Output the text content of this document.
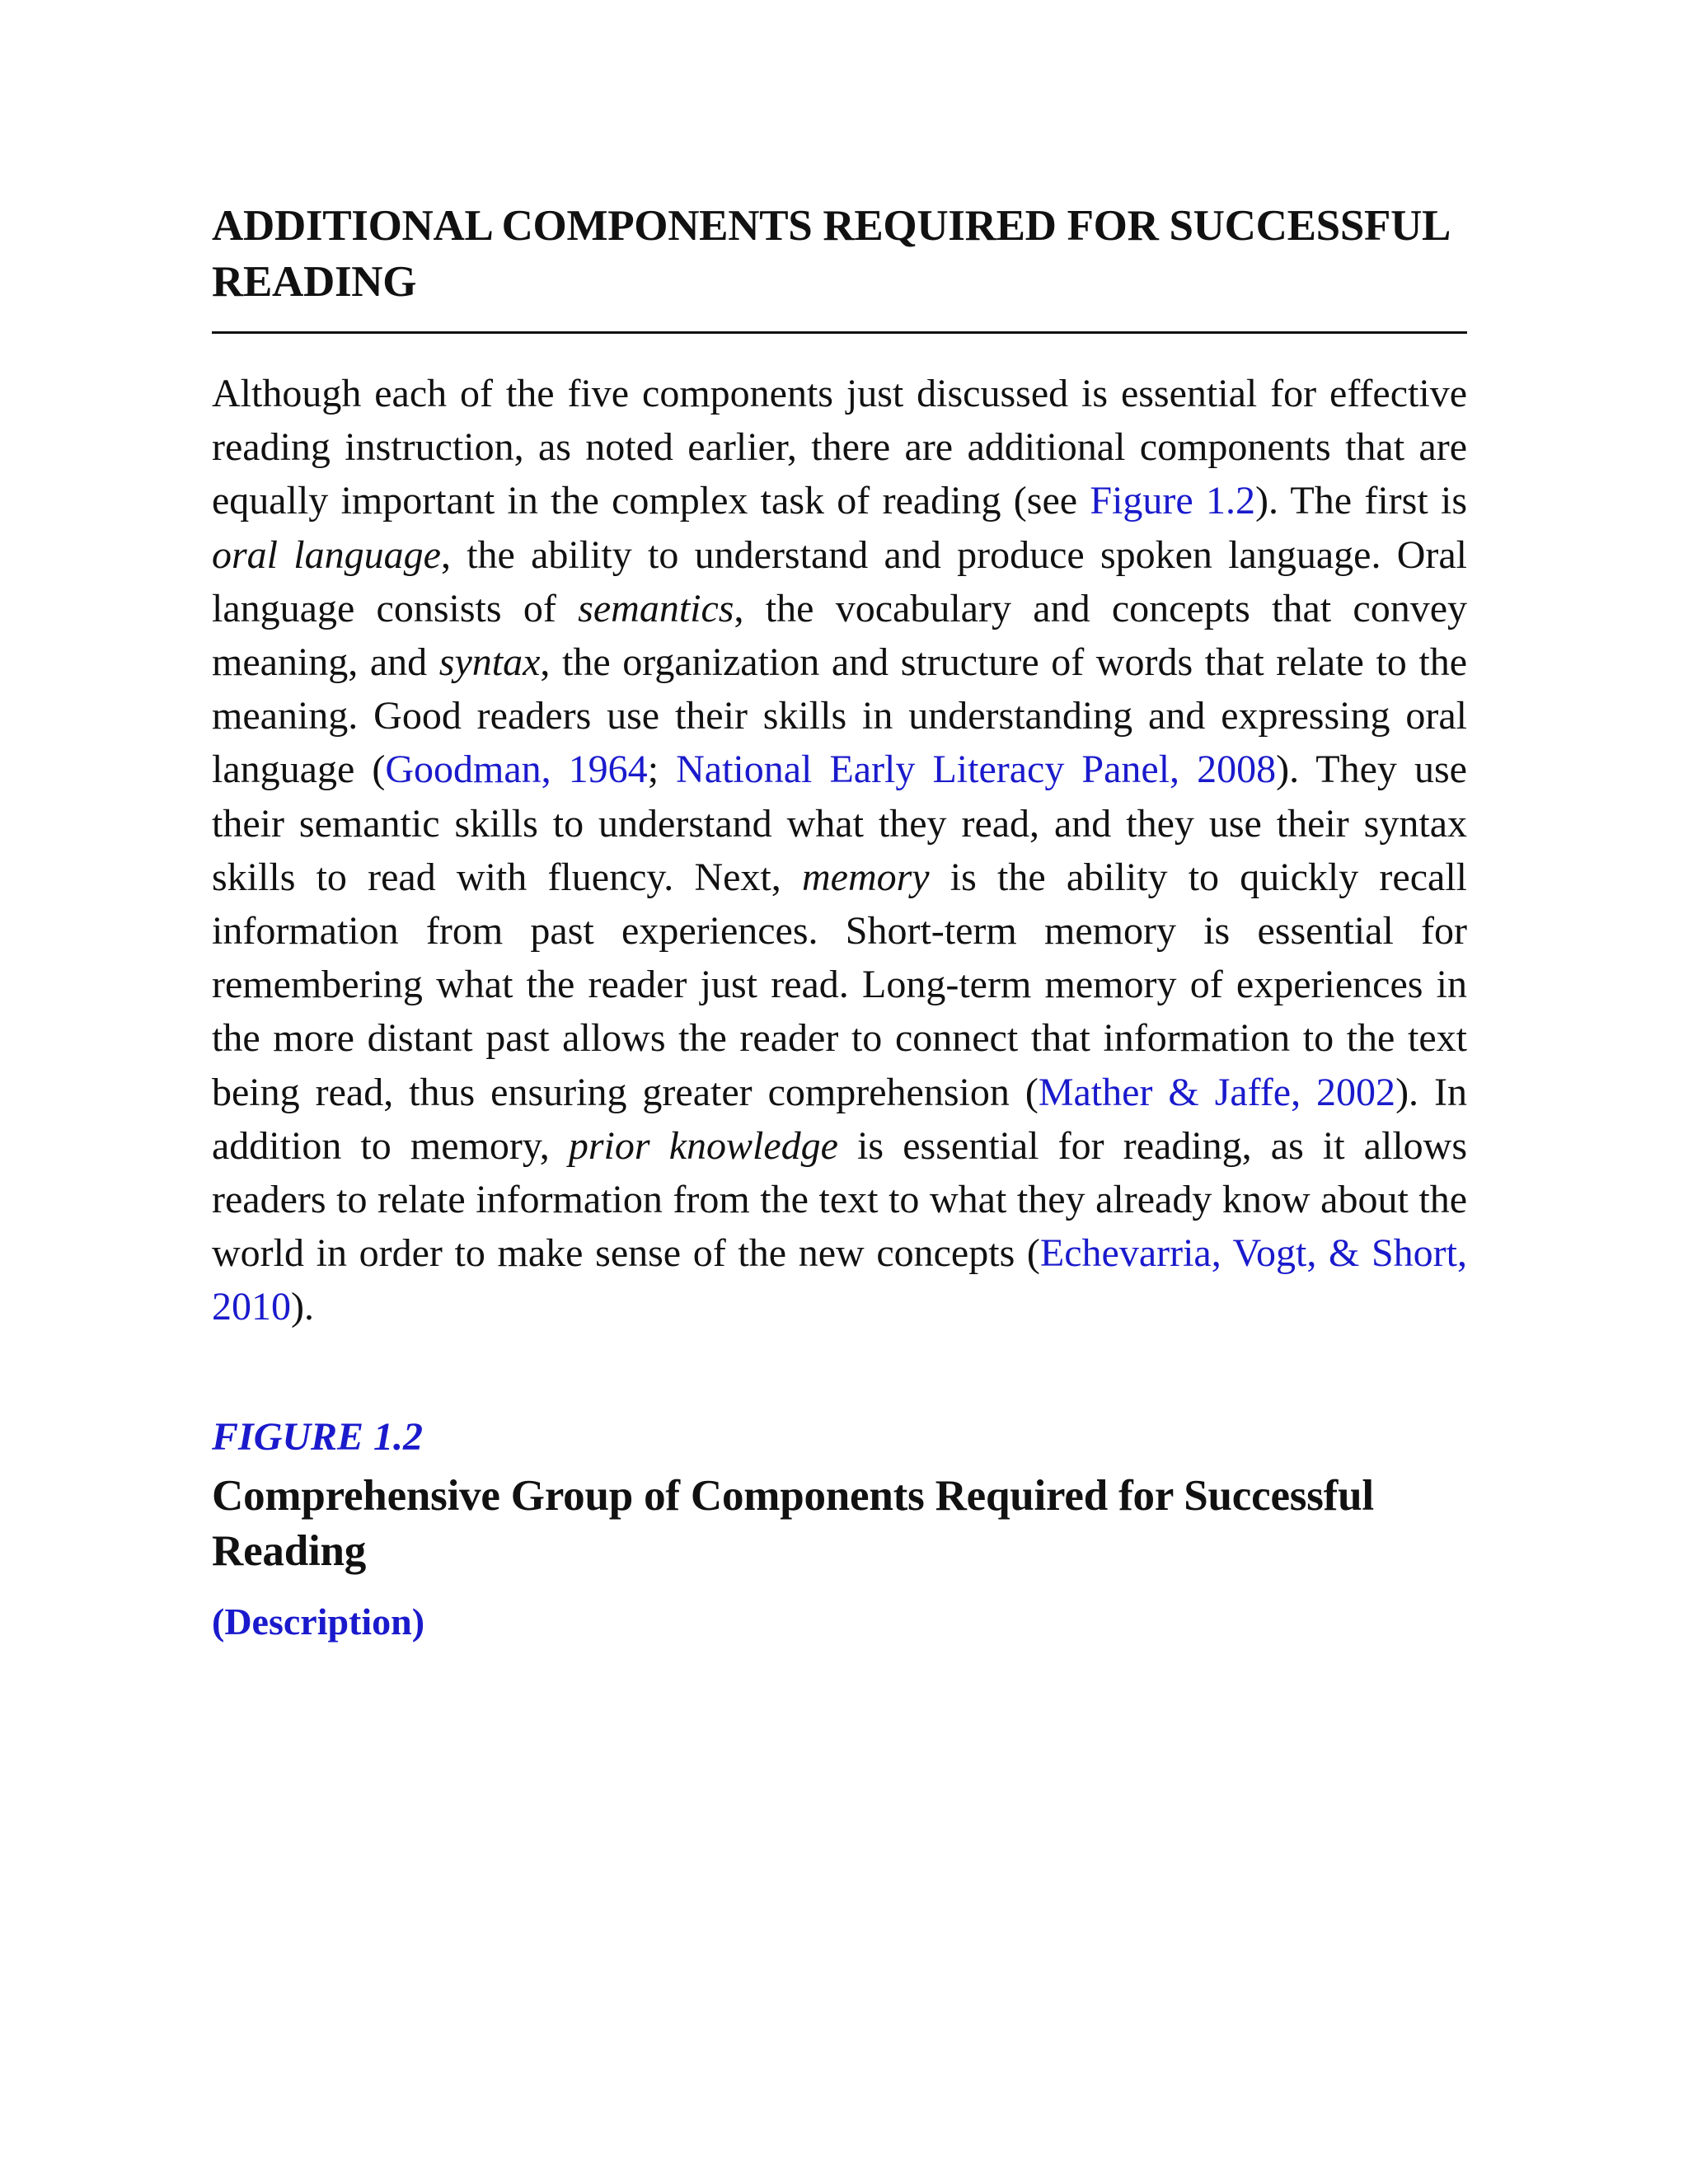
ADDITIONAL COMPONENTS REQUIRED FOR SUCCESSFUL READING

Although each of the five components just discussed is essential for effective reading instruction, as noted earlier, there are additional components that are equally important in the complex task of reading (see Figure 1.2). The first is oral language, the ability to understand and produce spoken language. Oral language consists of semantics, the vocabulary and concepts that convey meaning, and syntax, the organization and structure of words that relate to the meaning. Good readers use their skills in understanding and expressing oral language (Goodman, 1964; National Early Literacy Panel, 2008). They use their semantic skills to understand what they read, and they use their syntax skills to read with fluency. Next, memory is the ability to quickly recall information from past experiences. Short-term memory is essential for remembering what the reader just read. Long-term memory of experiences in the more distant past allows the reader to connect that information to the text being read, thus ensuring greater comprehension (Mather & Jaffe, 2002). In addition to memory, prior knowledge is essential for reading, as it allows readers to relate information from the text to what they already know about the world in order to make sense of the new concepts (Echevarria, Vogt, & Short, 2010).

FIGURE 1.2
Comprehensive Group of Components Required for Successful Reading
(Description)
